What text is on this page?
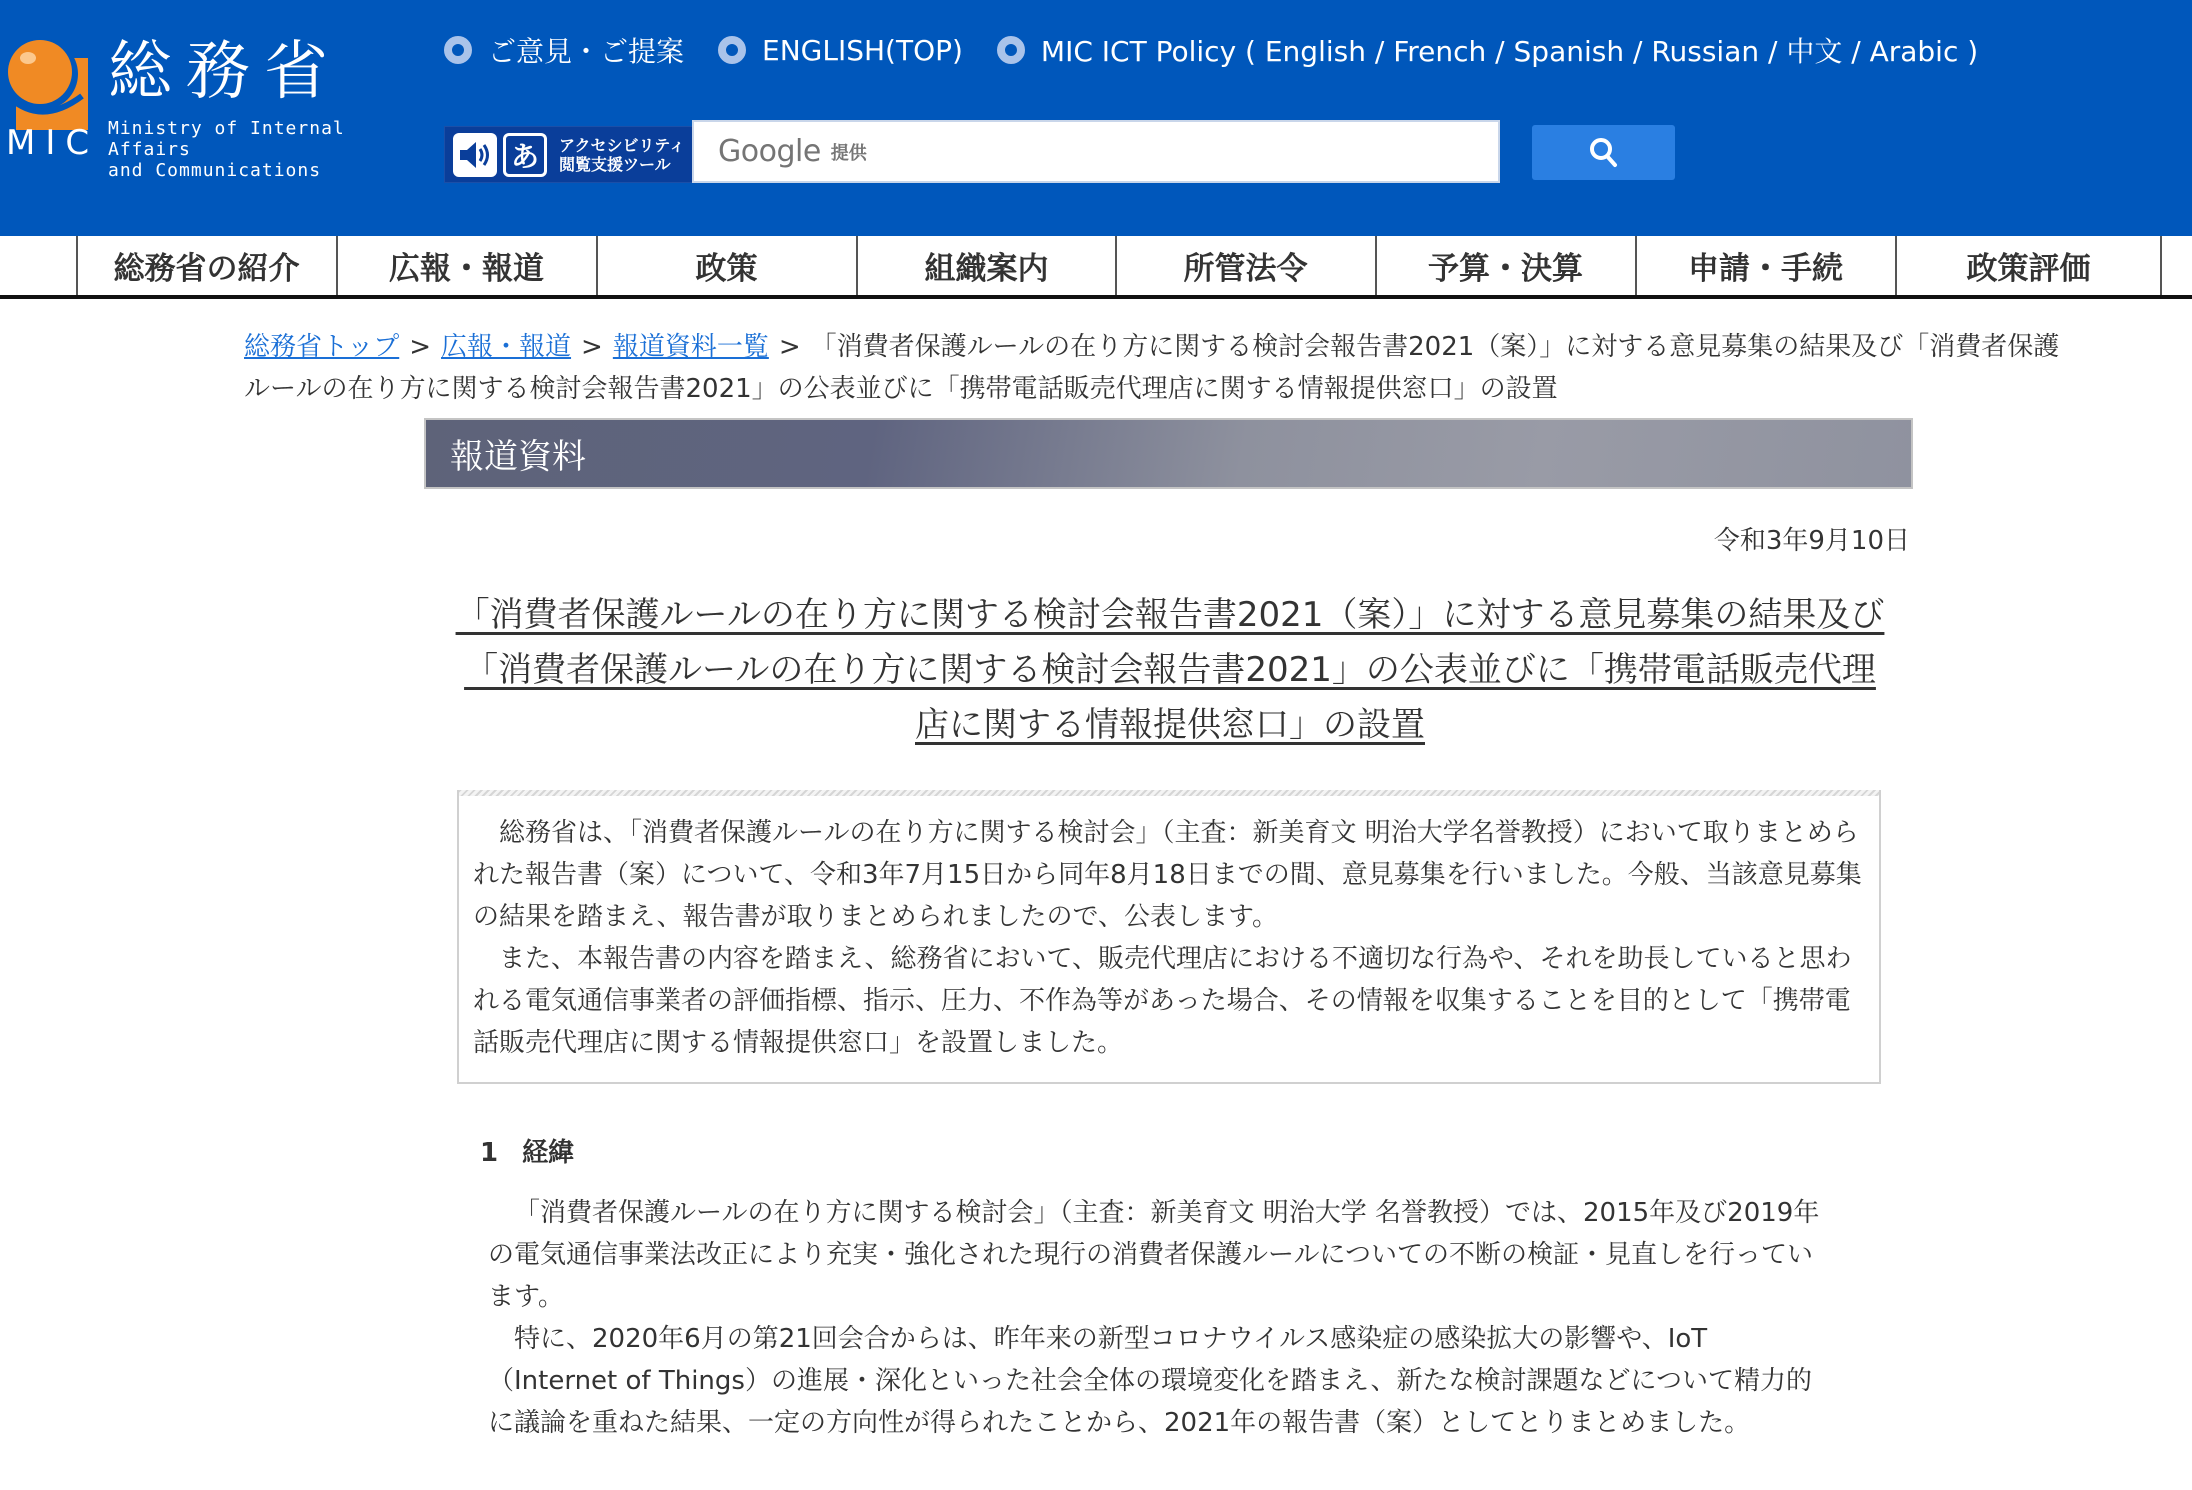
総務省
MIC Ministry of Internal Affairs
and Communications
ご意見・ご提案	ENGLISH(TOP)	MIC ICT Policy ( English / French / Spanish / Russian / 中文 / Arabic )
あ	アクセシビリティ
閲覧支援ツール	Google 提供
総務省の紹介	広報・報道	政策	組織案内	所管法令	予算・決算	申請・手続	政策評価
総務省トップ > 広報・報道 > 報道資料一覧 > 「消費者保護ルールの在り方に関する検討会報告書2021（案）」に対する意見募集の結果及び「消費者保護ルールの在り方に関する検討会報告書2021」の公表並びに「携帯電話販売代理店に関する情報提供窓口」の設置
報道資料
令和3年9月10日
「消費者保護ルールの在り方に関する検討会報告書2021（案）」に対する意見募集の結果及び「消費者保護ルールの在り方に関する検討会報告書2021」の公表並びに「携帯電話販売代理店に関する情報提供窓口」の設置

　総務省は、「消費者保護ルールの在り方に関する検討会」（主査：新美育文 明治大学名誉教授）において取りまとめられた報告書（案）について、令和3年7月15日から同年8月18日までの間、意見募集を行いました。今般、当該意見募集の結果を踏まえ、報告書が取りまとめられましたので、公表します。

　また、本報告書の内容を踏まえ、総務省において、販売代理店における不適切な行為や、それを助長していると思われる電気通信事業者の評価指標、指示、圧力、不作為等があった場合、その情報を収集することを目的として「携帯電話販売代理店に関する情報提供窓口」を設置しました。

1 経緯

「消費者保護ルールの在り方に関する検討会」（主査：新美育文 明治大学 名誉教授）では、2015年及び2019年の電気通信事業法改正により充実・強化された現行の消費者保護ルールについての不断の検証・見直しを行っています。

特に、2020年6月の第21回会合からは、昨年来の新型コロナウイルス感染症の感染拡大の影響や、IoT（Internet of Things）の進展・深化といった社会全体の環境変化を踏まえ、新たな検討課題などについて精力的に議論を重ねた結果、一定の方向性が得られたことから、2021年の報告書（案）としてとりまとめました。
